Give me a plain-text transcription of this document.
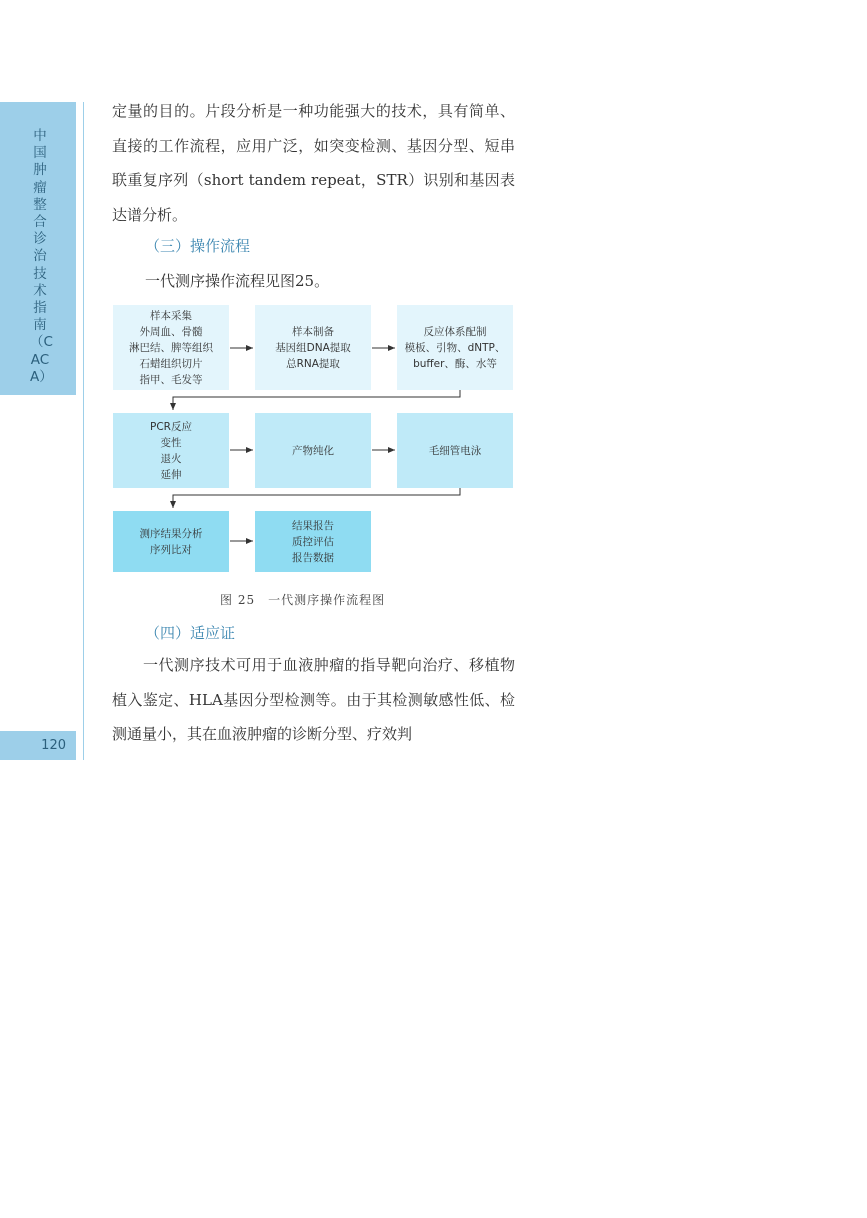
中国肿瘤整合诊治技术指南（CACA）
120

定量的目的。片段分析是一种功能强大的技术，具有简单、直接的工作流程，应用广泛，如突变检测、基因分型、短串联重复序列（short tandem repeat，STR）识别和基因表达谱分析。

（三）操作流程
一代测序操作流程见图25。
样本采集
外周血、骨髓
淋巴结、脾等组织
石蜡组织切片
指甲、毛发等
样本制备
基因组DNA提取
总RNA提取
反应体系配制
模板、引物、dNTP、
buffer、酶、水等
PCR反应
变性
退火
延伸
产物纯化	毛细管电泳
测序结果分析
序列比对
结果报告
质控评估
报告数据
图 25　一代测序操作流程图
（四）适应证

一代测序技术可用于血液肿瘤的指导靶向治疗、移植物植入鉴定、HLA基因分型检测等。由于其检测敏感性低、检测通量小，其在血液肿瘤的诊断分型、疗效判
